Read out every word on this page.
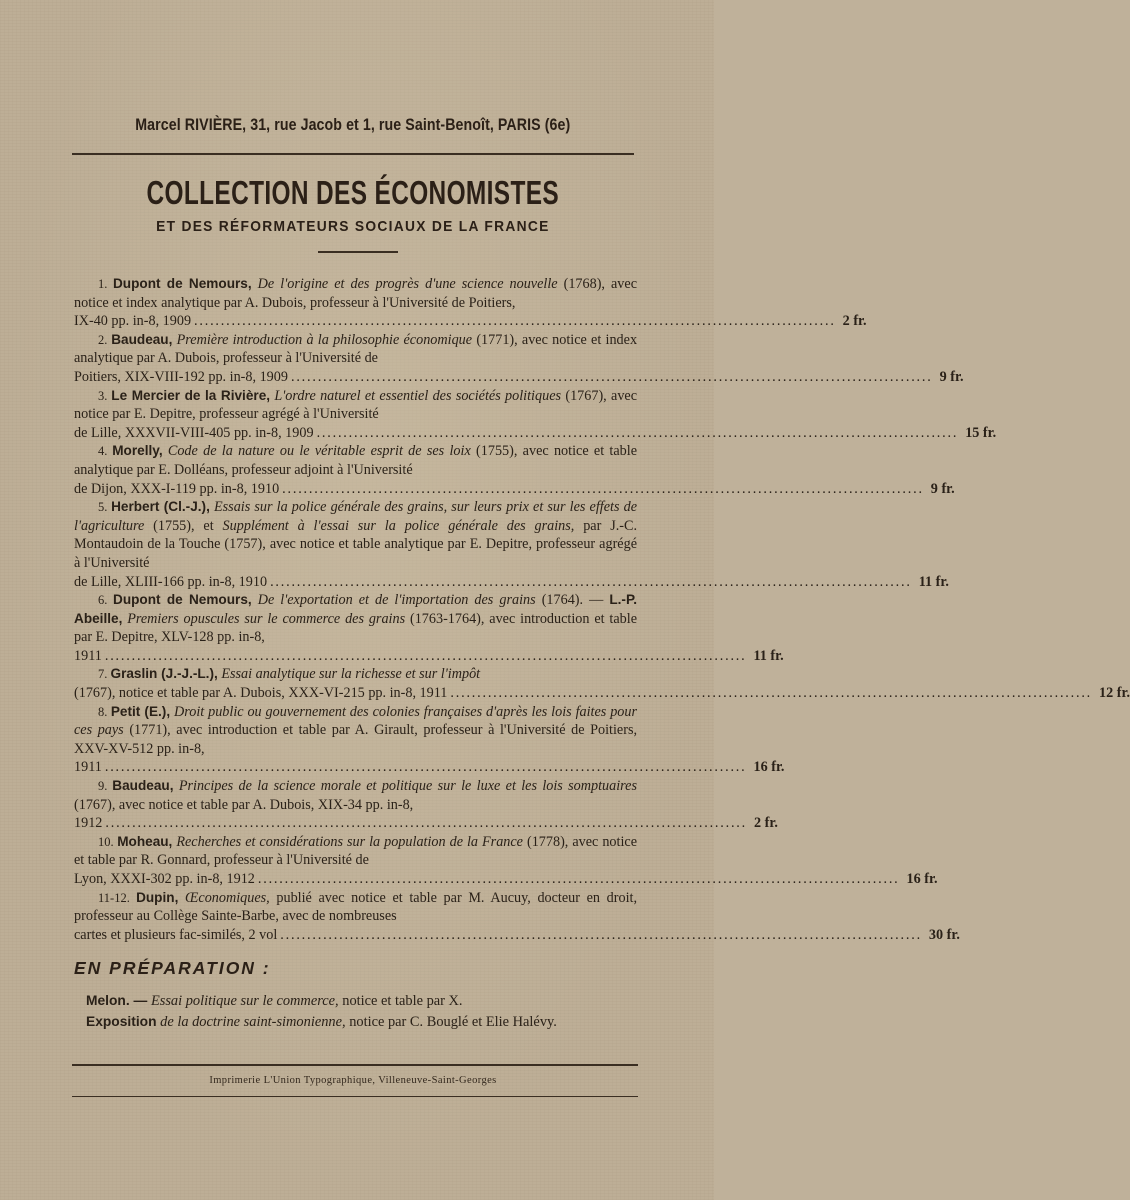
Marcel RIVIÈRE, 31, rue Jacob et 1, rue Saint-Benoît, PARIS (6e)
COLLECTION DES ÉCONOMISTES
ET DES RÉFORMATEURS SOCIAUX DE LA FRANCE

1. Dupont de Nemours, De l'origine et des progrès d'une science nouvelle (1768), avec notice et index analytique par A. Dubois, professeur à l'Université de Poitiers,

IX-40 pp. in-8, 1909 ........................................................................................................................ 2 fr.

2. Baudeau, Première introduction à la philosophie économique (1771), avec notice et index analytique par A. Dubois, professeur à l'Université de

Poitiers, XIX-VIII-192 pp. in-8, 1909 ........................................................................................................................ 9 fr.

3. Le Mercier de la Rivière, L'ordre naturel et essentiel des sociétés politiques (1767), avec notice par E. Depitre, professeur agrégé à l'Université

de Lille, XXXVII-VIII-405 pp. in-8, 1909 ........................................................................................................................ 15 fr.

4. Morelly, Code de la nature ou le véritable esprit de ses loix (1755), avec notice et table analytique par E. Dolléans, professeur adjoint à l'Université

de Dijon, XXX-I-119 pp. in-8, 1910 ........................................................................................................................ 9 fr.

5. Herbert (Cl.-J.), Essais sur la police générale des grains, sur leurs prix et sur les effets de l'agriculture (1755), et Supplément à l'essai sur la police générale des grains, par J.-C. Montaudoin de la Touche (1757), avec notice et table analytique par E. Depitre, professeur agrégé à l'Université

de Lille, XLIII-166 pp. in-8, 1910 ........................................................................................................................ 11 fr.

6. Dupont de Nemours, De l'exportation et de l'importation des grains (1764). — L.-P. Abeille, Premiers opuscules sur le commerce des grains (1763-1764), avec introduction et table par E. Depitre, XLV-128 pp. in-8,

1911 ........................................................................................................................ 11 fr.

7. Graslin (J.-J.-L.), Essai analytique sur la richesse et sur l'impôt

(1767), notice et table par A. Dubois, XXX-VI-215 pp. in-8, 1911 ........................................................................................................................ 12 fr.

8. Petit (E.), Droit public ou gouvernement des colonies françaises d'après les lois faites pour ces pays (1771), avec introduction et table par A. Girault, professeur à l'Université de Poitiers, XXV-XV-512 pp. in-8,

1911 ........................................................................................................................ 16 fr.

9. Baudeau, Principes de la science morale et politique sur le luxe et les lois somptuaires (1767), avec notice et table par A. Dubois, XIX-34 pp. in-8,

1912 ........................................................................................................................ 2 fr.

10. Moheau, Recherches et considérations sur la population de la France (1778), avec notice et table par R. Gonnard, professeur à l'Université de

Lyon, XXXI-302 pp. in-8, 1912 ........................................................................................................................ 16 fr.

11-12. Dupin, Œconomiques, publié avec notice et table par M. Aucuy, docteur en droit, professeur au Collège Sainte-Barbe, avec de nombreuses

cartes et plusieurs fac-similés, 2 vol ........................................................................................................................ 30 fr.
EN PRÉPARATION :

Melon. — Essai politique sur le commerce, notice et table par X.

Exposition de la doctrine saint-simonienne, notice par C. Bouglé et Elie Halévy.

Imprimerie L'Union Typographique, Villeneuve-Saint-Georges
